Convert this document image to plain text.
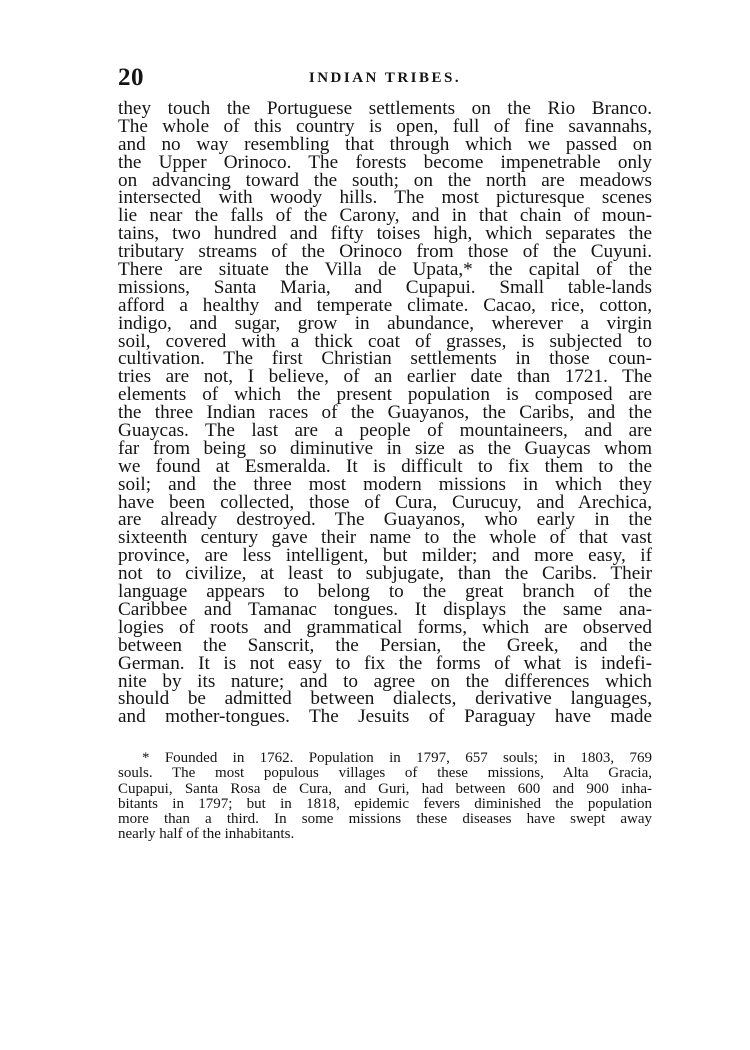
20	INDIAN TRIBES.
they touch the Portuguese settlements on the Rio Branco.
The whole of this country is open, full of fine savannahs,
and no way resembling that through which we passed on
the Upper Orinoco. The forests become impenetrable only
on advancing toward the south; on the north are meadows
intersected with woody hills. The most picturesque scenes
lie near the falls of the Carony, and in that chain of moun-
tains, two hundred and fifty toises high, which separates the
tributary streams of the Orinoco from those of the Cuyuni.
There are situate the Villa de Upata,* the capital of the
missions, Santa Maria, and Cupapui. Small table-lands
afford a healthy and temperate climate. Cacao, rice, cotton,
indigo, and sugar, grow in abundance, wherever a virgin
soil, covered with a thick coat of grasses, is subjected to
cultivation. The first Christian settlements in those coun-
tries are not, I believe, of an earlier date than 1721. The
elements of which the present population is composed are
the three Indian races of the Guayanos, the Caribs, and the
Guaycas. The last are a people of mountaineers, and are
far from being so diminutive in size as the Guaycas whom
we found at Esmeralda. It is difficult to fix them to the
soil; and the three most modern missions in which they
have been collected, those of Cura, Curucuy, and Arechica,
are already destroyed. The Guayanos, who early in the
sixteenth century gave their name to the whole of that vast
province, are less intelligent, but milder; and more easy, if
not to civilize, at least to subjugate, than the Caribs. Their
language appears to belong to the great branch of the
Caribbee and Tamanac tongues. It displays the same ana-
logies of roots and grammatical forms, which are observed
between the Sanscrit, the Persian, the Greek, and the
German. It is not easy to fix the forms of what is indefi-
nite by its nature; and to agree on the differences which
should be admitted between dialects, derivative languages,
and mother-tongues. The Jesuits of Paraguay have made
* Founded in 1762. Population in 1797, 657 souls; in 1803, 769
souls. The most populous villages of these missions, Alta Gracia,
Cupapui, Santa Rosa de Cura, and Guri, had between 600 and 900 inha-
bitants in 1797; but in 1818, epidemic fevers diminished the population
more than a third. In some missions these diseases have swept away
nearly half of the inhabitants.
